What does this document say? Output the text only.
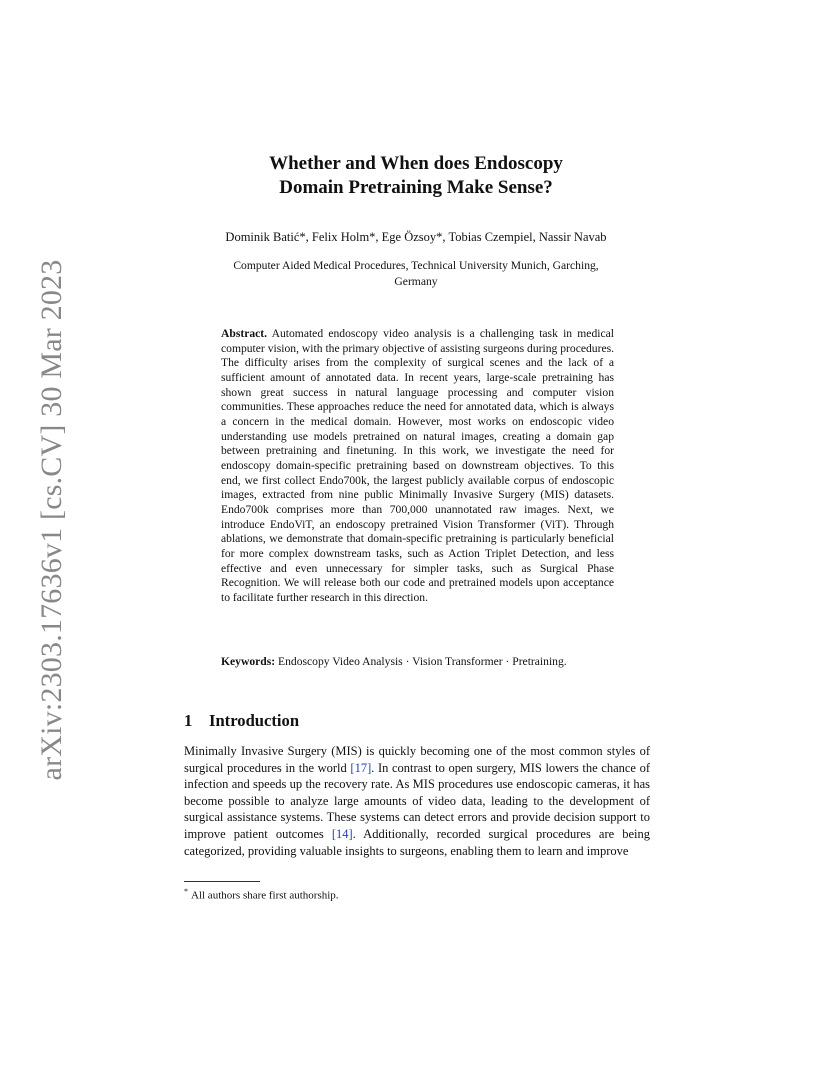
arXiv:2303.17636v1 [cs.CV] 30 Mar 2023
Whether and When does Endoscopy
Domain Pretraining Make Sense?
Dominik Batić*, Felix Holm*, Ege Özsoy*, Tobias Czempiel, Nassir Navab
Computer Aided Medical Procedures, Technical University Munich, Garching,
Germany
Abstract. Automated endoscopy video analysis is a challenging task in medical computer vision, with the primary objective of assisting surgeons during procedures. The difficulty arises from the complexity of surgical scenes and the lack of a sufficient amount of annotated data. In recent years, large-scale pretraining has shown great success in natural language processing and computer vision communities. These approaches reduce the need for annotated data, which is always a concern in the medical domain. However, most works on endoscopic video understanding use models pretrained on natural images, creating a domain gap between pretraining and finetuning. In this work, we investigate the need for endoscopy domain-specific pretraining based on downstream objectives. To this end, we first collect Endo700k, the largest publicly available corpus of endoscopic images, extracted from nine public Minimally Invasive Surgery (MIS) datasets. Endo700k comprises more than 700,000 unannotated raw images. Next, we introduce EndoViT, an endoscopy pretrained Vision Transformer (ViT). Through ablations, we demonstrate that domain-specific pretraining is particularly beneficial for more complex downstream tasks, such as Action Triplet Detection, and less effective and even unnecessary for simpler tasks, such as Surgical Phase Recognition. We will release both our code and pretrained models upon acceptance to facilitate further research in this direction.
Keywords: Endoscopy Video Analysis · Vision Transformer · Pretraining.
1 Introduction
Minimally Invasive Surgery (MIS) is quickly becoming one of the most common styles of surgical procedures in the world [17]. In contrast to open surgery, MIS lowers the chance of infection and speeds up the recovery rate. As MIS procedures use endoscopic cameras, it has become possible to analyze large amounts of video data, leading to the development of surgical assistance systems. These systems can detect errors and provide decision support to improve patient outcomes [14]. Additionally, recorded surgical procedures are being categorized, providing valuable insights to surgeons, enabling them to learn and improve
* All authors share first authorship.
